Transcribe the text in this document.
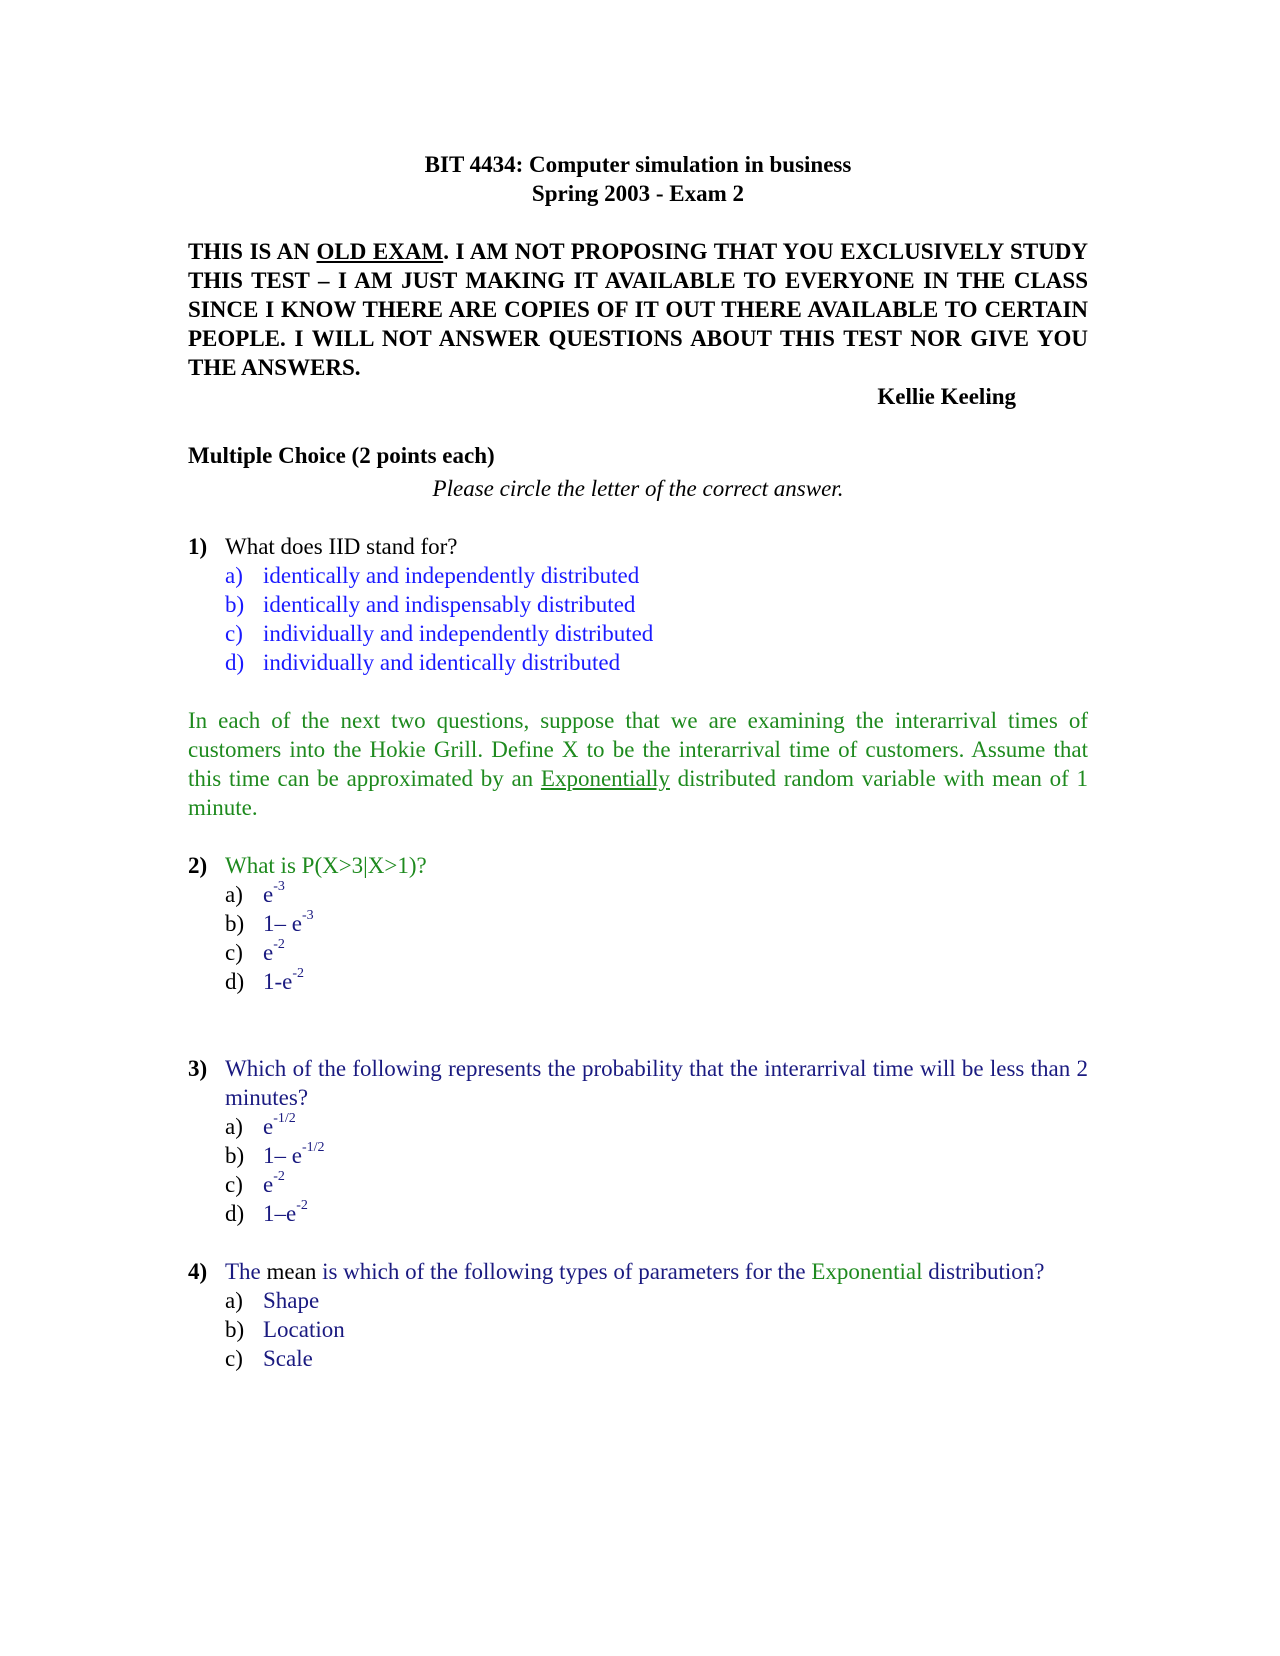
BIT 4434: Computer simulation in business
Spring 2003 - Exam 2
THIS IS AN OLD EXAM. I AM NOT PROPOSING THAT YOU EXCLUSIVELY STUDY THIS TEST – I AM JUST MAKING IT AVAILABLE TO EVERYONE IN THE CLASS SINCE I KNOW THERE ARE COPIES OF IT OUT THERE AVAILABLE TO CERTAIN PEOPLE. I WILL NOT ANSWER QUESTIONS ABOUT THIS TEST NOR GIVE YOU THE ANSWERS.
Kellie Keeling
Multiple Choice (2 points each)
Please circle the letter of the correct answer.
1) What does IID stand for?
a) identically and independently distributed
b) identically and indispensably distributed
c) individually and independently distributed
d) individually and identically distributed
In each of the next two questions, suppose that we are examining the interarrival times of customers into the Hokie Grill. Define X to be the interarrival time of customers. Assume that this time can be approximated by an Exponentially distributed random variable with mean of 1 minute.
2) What is P(X>3|X>1)?
a) $e^{-3}$
b) 1– $e^{-3}$
c) $e^{-2}$
d) $1-e^{-2}$
3) Which of the following represents the probability that the interarrival time will be less than 2 minutes?
a) $e^{-1/2}$
b) 1– $e^{-1/2}$
c) $e^{-2}$
d) $1-e^{-2}$
4) The mean is which of the following types of parameters for the Exponential distribution?
a) Shape
b) Location
c) Scale
